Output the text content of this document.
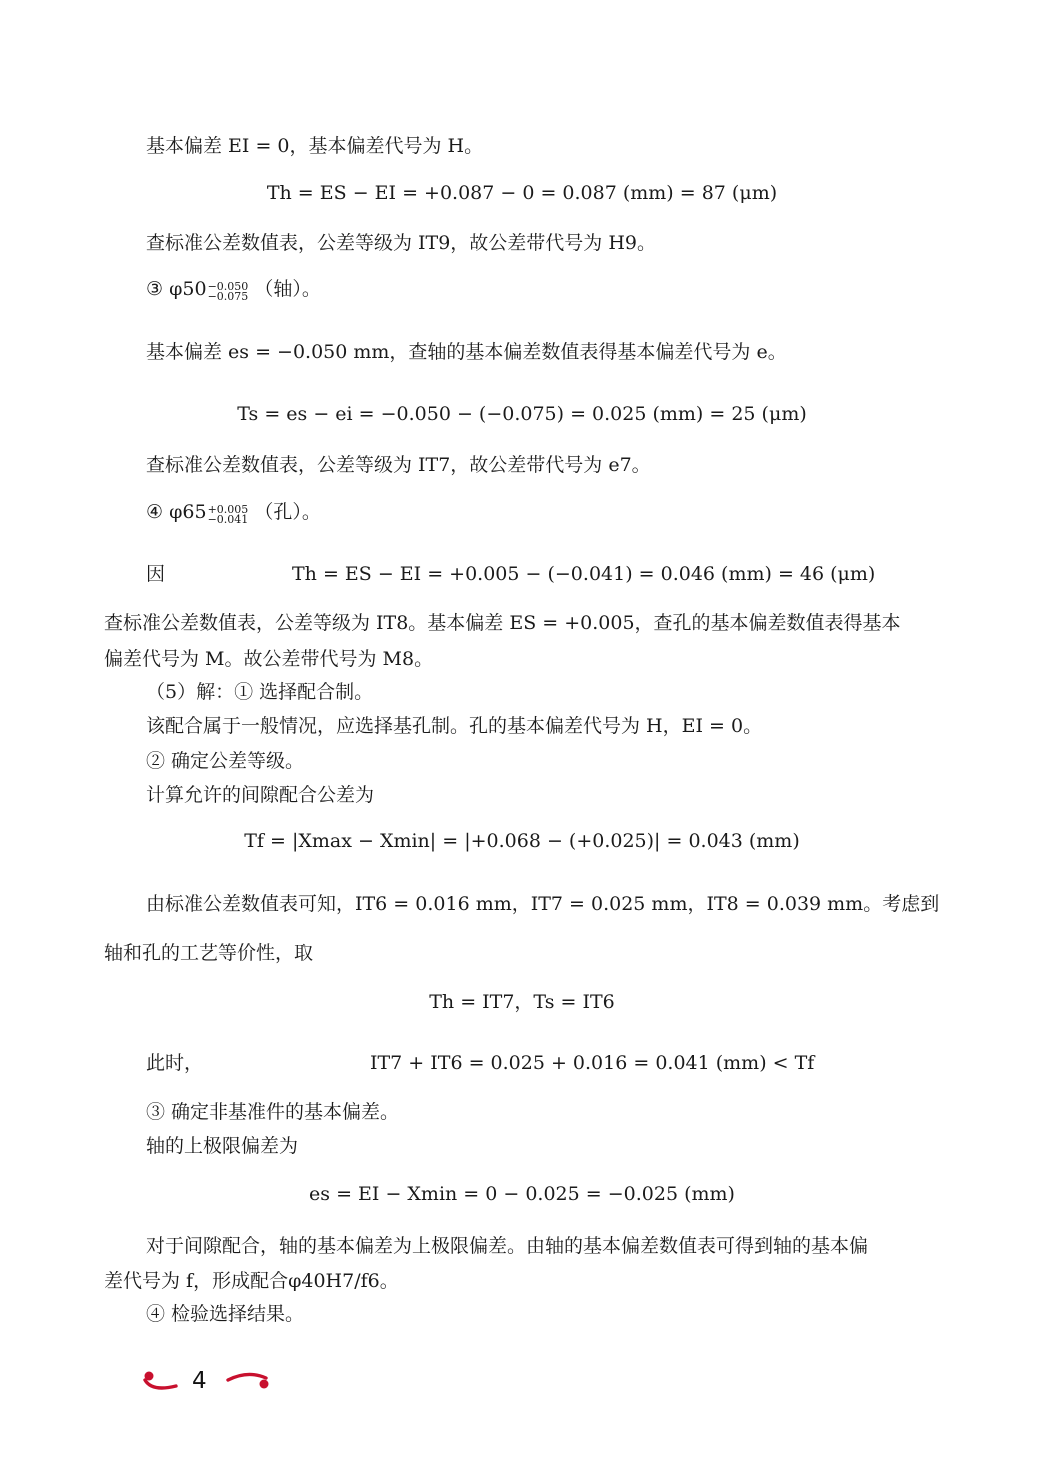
基本偏差 EI = 0，基本偏差代号为 H。
Th = ES − EI = +0.087 − 0 = 0.087 (mm) = 87 (μm)
查标准公差数值表，公差等级为 IT9，故公差带代号为 H9。
③ φ50 −0.050
−0.075 （轴）。
基本偏差 es = −0.050 mm，查轴的基本偏差数值表得基本偏差代号为 e。
Ts = es − ei = −0.050 − (−0.075) = 0.025 (mm) = 25 (μm)
查标准公差数值表，公差等级为 IT7，故公差带代号为 e7。
④ φ65 +0.005
−0.041 （孔）。
因	Th = ES − EI = +0.005 − (−0.041) = 0.046 (mm) = 46 (μm)
查标准公差数值表，公差等级为 IT8。基本偏差 ES = +0.005，查孔的基本偏差数值表得基本
偏差代号为 M。故公差带代号为 M8。
（5）解：① 选择配合制。
该配合属于一般情况，应选择基孔制。孔的基本偏差代号为 H，EI = 0。
② 确定公差等级。
计算允许的间隙配合公差为
Tf = |Xmax − Xmin| = |+0.068 − (+0.025)| = 0.043 (mm)
由标准公差数值表可知，IT6 = 0.016 mm，IT7 = 0.025 mm，IT8 = 0.039 mm。考虑到
轴和孔的工艺等价性，取
Th = IT7，Ts = IT6
此时，	IT7 + IT6 = 0.025 + 0.016 = 0.041 (mm) < Tf
③ 确定非基准件的基本偏差。
轴的上极限偏差为
es = EI − Xmin = 0 − 0.025 = −0.025 (mm)
对于间隙配合，轴的基本偏差为上极限偏差。由轴的基本偏差数值表可得到轴的基本偏
差代号为 f，形成配合φ40H7/f6。
④ 检验选择结果。
4
